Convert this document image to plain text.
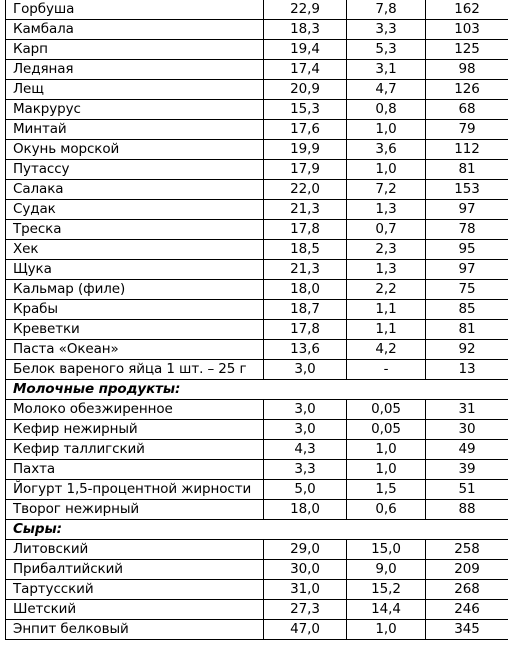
Горбуша	22,9	7,8	162
Камбала	18,3	3,3	103
Карп	19,4	5,3	125
Ледяная	17,4	3,1	98
Лещ	20,9	4,7	126
Макрурус	15,3	0,8	68
Минтай	17,6	1,0	79
Окунь морской	19,9	3,6	112
Путассу	17,9	1,0	81
Салака	22,0	7,2	153
Судак	21,3	1,3	97
Треска	17,8	0,7	78
Хек	18,5	2,3	95
Щука	21,3	1,3	97
Кальмар (филе)	18,0	2,2	75
Крабы	18,7	1,1	85
Креветки	17,8	1,1	81
Паста «Океан»	13,6	4,2	92
Белок вареного яйца 1 шт. – 25 г	3,0	-	13
Молочные продукты:			
Молоко обезжиренное	3,0	0,05	31
Кефир нежирный	3,0	0,05	30
Кефир таллигский	4,3	1,0	49
Пахта	3,3	1,0	39
Йогурт 1,5-процентной жирности	5,0	1,5	51
Творог нежирный	18,0	0,6	88
Сыры:			
Литовский	29,0	15,0	258
Прибалтийский	30,0	9,0	209
Тартусский	31,0	15,2	268
Шетский	27,3	14,4	246
Энпит белковый	47,0	1,0	345
